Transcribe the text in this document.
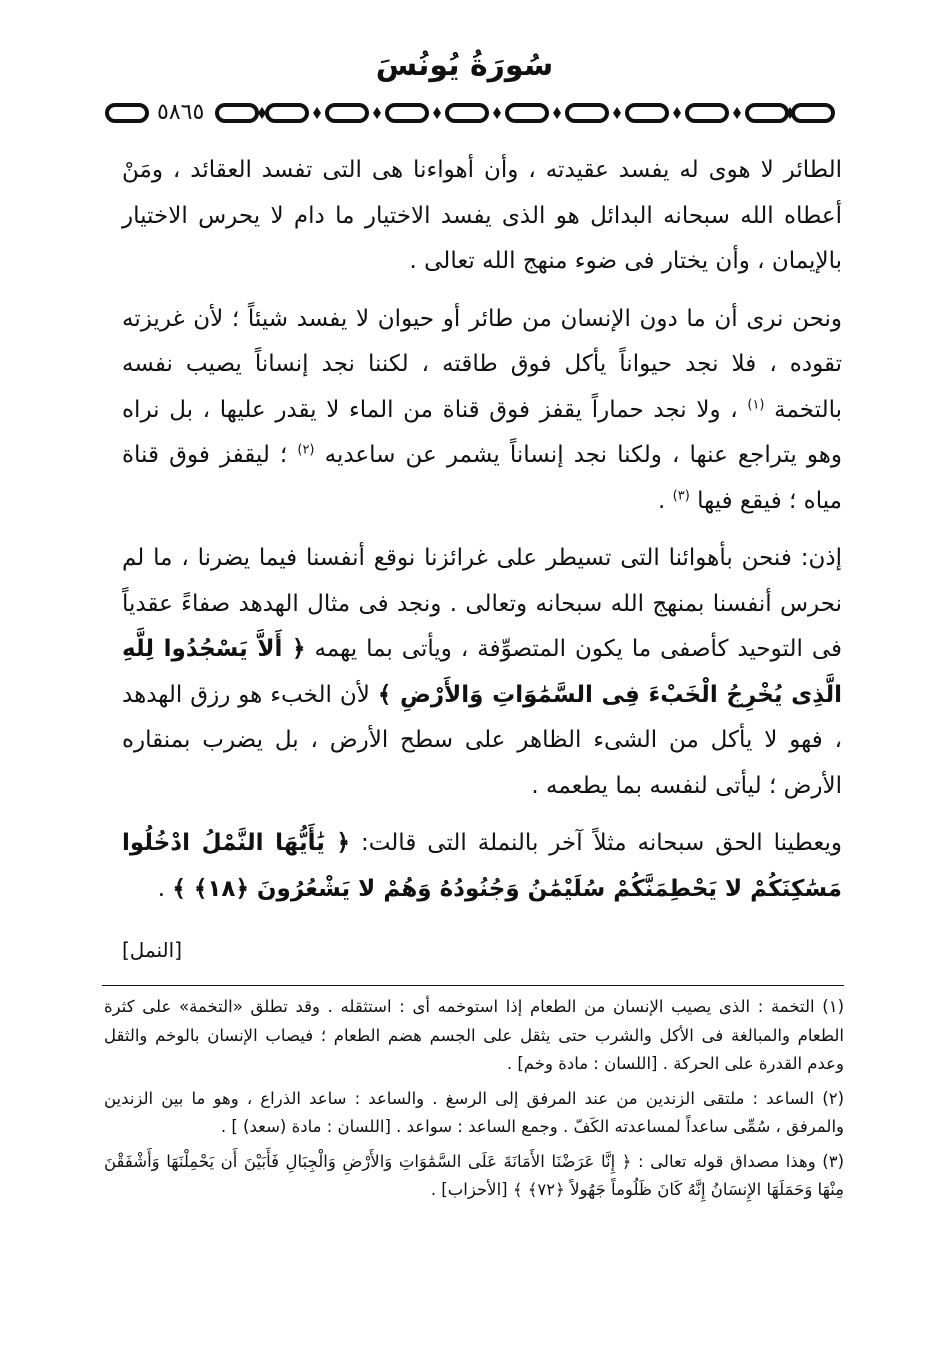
سُورَةُ يُونُسَ
٥٨٦٥

الطائر لا هوى له يفسد عقيدته ، وأن أهواءنا هى التى تفسد العقائد ، ومَنْ أعطاه الله سبحانه البدائل هو الذى يفسد الاختيار ما دام لا يحرس الاختيار بالإيمان ، وأن يختار فى ضوء منهج الله تعالى .

ونحن نرى أن ما دون الإنسان من طائر أو حيوان لا يفسد شيئاً ؛ لأن غريزته تقوده ، فلا نجد حيواناً يأكل فوق طاقته ، لكننا نجد إنساناً يصيب نفسه بالتخمة $^{(١)}$ ، ولا نجد حماراً يقفز فوق قناة من الماء لا يقدر عليها ، بل نراه وهو يتراجع عنها ، ولكنا نجد إنساناً يشمر عن ساعديه $^{(٢)}$ ؛ ليقفز فوق قناة مياه ؛ فيقع فيها $^{(٣)}$ .

إذن: فنحن بأهوائنا التى تسيطر على غرائزنا نوقع أنفسنا فيما يضرنا ، ما لم نحرس أنفسنا بمنهج الله سبحانه وتعالى . ونجد فى مثال الهدهد صفاءً عقدياً فى التوحيد كأصفى ما يكون المتصوِّفة ، ويأتى بما يهمه ﴿ أَلاَّ يَسْجُدُوا لِلَّهِ الَّذِى يُخْرِجُ الْخَبْءَ فِى السَّمَٰوَاتِ وَالأَرْضِ ﴾ لأن الخبء هو رزق الهدهد ، فهو لا يأكل من الشىء الظاهر على سطح الأرض ، بل يضرب بمنقاره الأرض ؛ ليأتى لنفسه بما يطعمه .

ويعطينا الحق سبحانه مثلاً آخر بالنملة التى قالت: ﴿ يَٰأَيُّهَا النَّمْلُ ادْخُلُوا مَسَٰكِنَكُمْ لا يَحْطِمَنَّكُمْ سُلَيْمَٰنُ وَجُنُودُهُ وَهُمْ لا يَشْعُرُونَ ﴿١٨﴾ ﴾ .

[النمل]

(١) التخمة : الذى يصيب الإنسان من الطعام إذا استوخمه أى : استثقله . وقد تطلق «التخمة» على كثرة الطعام والمبالغة فى الأكل والشرب حتى يثقل على الجسم هضم الطعام ؛ فيصاب الإنسان بالوخم والثقل وعدم القدرة على الحركة . [اللسان : مادة وخم] .

(٢) الساعد : ملتقى الزندين من عند المرفق إلى الرسغ . والساعد : ساعد الذراع ، وهو ما بين الزندين والمرفق ، سُمِّى ساعداً لمساعدته الكَفّ . وجمع الساعد : سواعد . [اللسان : مادة (سعد) ] .

(٣) وهذا مصداق قوله تعالى : ﴿ إِنَّا عَرَضْنَا الأَمَانَةَ عَلَى السَّمَٰوَاتِ وَالأَرْضِ وَالْجِبَالِ فَأَبَيْنَ أَن يَحْمِلْنَهَا وَأَشْفَقْنَ مِنْهَا وَحَمَلَهَا الإِنسَانُ إِنَّهُ كَانَ ظَلُوماً جَهُولاً ﴿٧٢﴾ ﴾ [الأحزاب] .
